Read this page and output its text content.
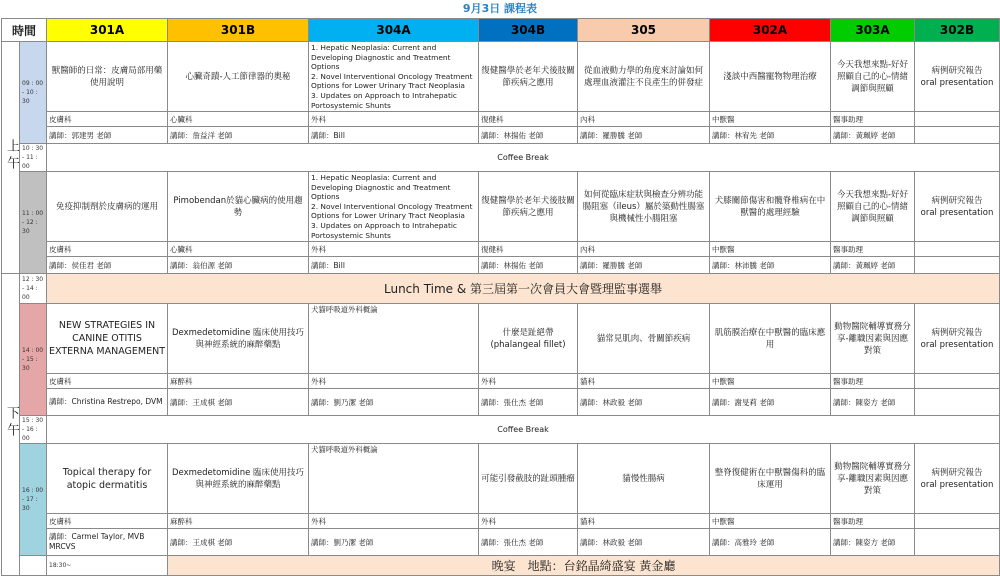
9月3日 課程表
時間		301A	301B	304A	304B	305	302A	303A	302B
上午	09 : 00 - 10 : 30	獸醫師的日常：皮膚局部用藥使用說明	心臟奇蹟-人工節律器的奧秘	1. Hepatic Neoplasia: Current and Developing Diagnostic and Treatment Options
2. Novel Interventional Oncology Treatment Options for Lower Urinary Tract Neoplasia
3. Updates on Approach to Intrahepatic Portosystemic Shunts	復健醫學於老年犬後肢關節疾病之應用	從血液動力學的角度來討論如何處理血液灌注不良產生的併發症	淺談中西醫寵物物理治療	今天我想來點-好好照顧自己的心-情緒調節與照顧	病例研究報告
oral presentation
		皮膚科	心臟科	外科	復健科	內科	中獸醫	醫事助理	
		講師：郭建男 老師	講師：詹益洋 老師	講師：Bill	講師：林揚佑 老師	講師：羅勝騰 老師	講師：林宥先 老師	講師：黃珮婷 老師	
	10 : 30 - 11 : 00	Coffee Break							
	11 : 00 - 12 : 30	免疫抑制劑於皮膚病的運用	Pimobendan於貓心臟病的使用趨勢	1. Hepatic Neoplasia: Current and Developing Diagnostic and Treatment Options
2. Novel Interventional Oncology Treatment Options for Lower Urinary Tract Neoplasia
3. Updates on Approach to Intrahepatic Portosystemic Shunts	復健醫學於老年犬後肢關節疾病之應用	如何從臨床症狀與檢查分辨功能腸阻塞（ileus）屬於築動性腸塞與機械性小腸阻塞	犬膝關節傷害和髖脊椎病在中獸醫的處理經驗	今天我想來點-好好照顧自己的心-情緒調節與照顧	病例研究報告
oral presentation
		皮膚科	心臟科	外科	復健科	內科	中獸醫	醫事助理	
		講師：侯佳君 老師	講師：翁伯源 老師	講師：Bill	講師：林揚佑 老師	講師：羅勝騰 老師	講師：林沛騰 老師	講師：黃珮婷 老師	
下午	12 : 30 - 14 : 00	Lunch Time & 第三屆第一次會員大會暨理監事選舉							
	14 : 00 - 15 : 30	NEW STRATEGIES IN CANINE OTITIS EXTERNA MANAGEMENT	Dexmedetomidine 臨床使用技巧與神經系統的麻醉藥點	犬貓呼吸道外科概論	什麼是趾絕帶
(phalangeal fillet)	貓常見肌肉、骨關節疾病	肌筋膜治療在中獸醫的臨床應用	動物醫院輔導實務分享-離職因素與因應對策	病例研究報告
oral presentation
		皮膚科	麻醉科	外科	外科	貓科	中獸醫	醫事助理	
		講師：Christina Restrepo, DVM	講師：王成棋 老師	講師：劉乃潔 老師	講師：張仕杰 老師	講師：林政毅 老師	講師：謝旻莉 老師	講師：陳姿方 老師	
	15 : 30 - 16 : 00	Coffee Break							
	16 : 00 - 17 : 30	Topical therapy for atopic dermatitis	Dexmedetomidine 臨床使用技巧與神經系統的麻醉藥點	犬貓呼吸道外科概論	可能引發截肢的趾頭腫瘤	貓慢性腸病	整脊復健術在中獸醫傷科的臨床運用	動物醫院輔導實務分享-離職因素與因應對策	病例研究報告
oral presentation
		皮膚科	麻醉科	外科	外科	貓科	中獸醫	醫事助理	
		講師：Carmel Taylor, MVB MRCVS	講師：王成棋 老師	講師：劉乃潔 老師	講師：張仕杰 老師	講師：林政毅 老師	講師：高雅玲 老師	講師：陳姿方 老師	
		18:30~	晚宴　地點：台銘晶綺盛宴 黃金廳						
